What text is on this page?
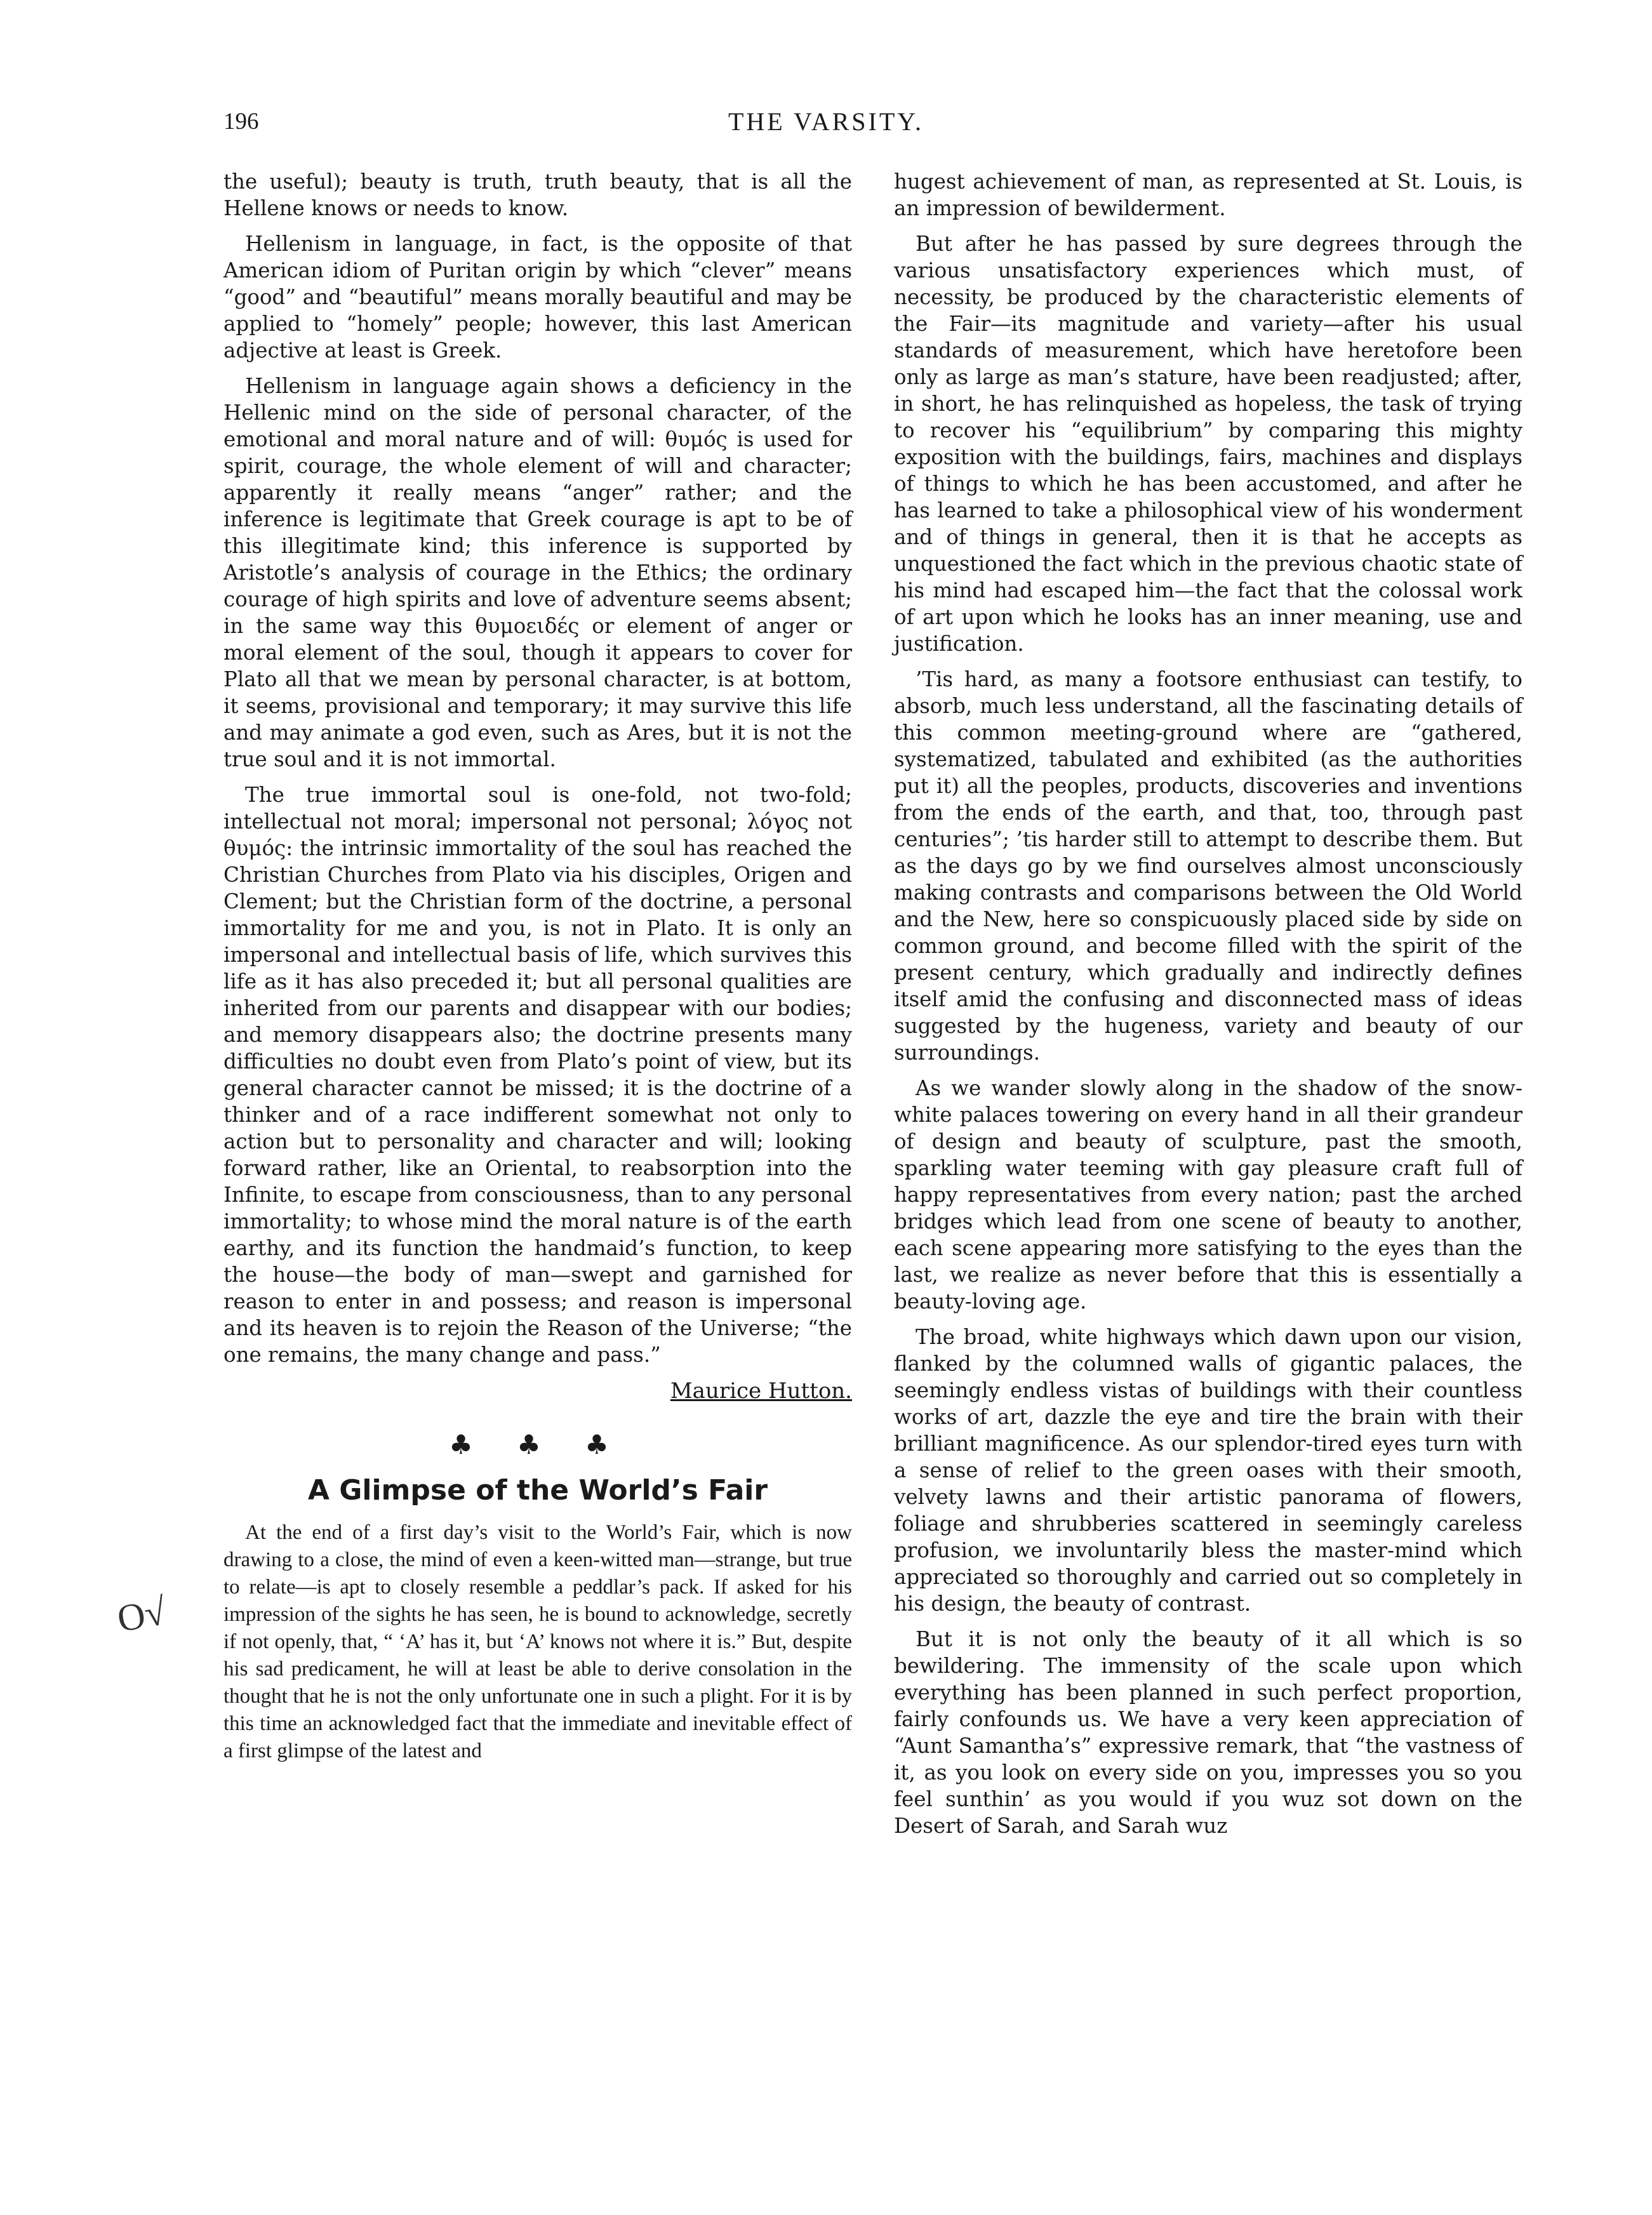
196	THE VARSITY.
O√

the useful); beauty is truth, truth beauty, that is all the Hellene knows or needs to know.

Hellenism in language, in fact, is the opposite of that American idiom of Puritan origin by which “clever” means “good” and “beautiful” means morally beautiful and may be applied to “homely” people; however, this last American adjective at least is Greek.

Hellenism in language again shows a deficiency in the Hellenic mind on the side of personal character, of the emotional and moral nature and of will: θυμός is used for spirit, courage, the whole element of will and character; apparently it really means “anger” rather; and the inference is legitimate that Greek courage is apt to be of this illegitimate kind; this inference is supported by Aristotle’s analysis of courage in the Ethics; the ordinary courage of high spirits and love of adventure seems absent; in the same way this θυμοειδές or element of anger or moral element of the soul, though it appears to cover for Plato all that we mean by personal character, is at bottom, it seems, provisional and temporary; it may survive this life and may animate a god even, such as Ares, but it is not the true soul and it is not immortal.

The true immortal soul is one-fold, not two-fold; intellectual not moral; impersonal not personal; λόγος not θυμός: the intrinsic immortality of the soul has reached the Christian Churches from Plato via his disciples, Origen and Clement; but the Christian form of the doctrine, a personal immortality for me and you, is not in Plato. It is only an impersonal and intellectual basis of life, which survives this life as it has also preceded it; but all personal qualities are inherited from our parents and disappear with our bodies; and memory disappears also; the doctrine presents many difficulties no doubt even from Plato’s point of view, but its general character cannot be missed; it is the doctrine of a thinker and of a race indifferent somewhat not only to action but to personality and character and will; looking forward rather, like an Oriental, to reabsorption into the Infinite, to escape from consciousness, than to any personal immortality; to whose mind the moral nature is of the earth earthy, and its function the handmaid’s function, to keep the house—the body of man—swept and garnished for reason to enter in and possess; and reason is impersonal and its heaven is to rejoin the Reason of the Universe; “the one remains, the many change and pass.”

Maurice Hutton.
♣ ♣ ♣
A Glimpse of the World’s Fair

At the end of a first day’s visit to the World’s Fair, which is now drawing to a close, the mind of even a keen-witted man—strange, but true to relate—is apt to closely resemble a peddlar’s pack. If asked for his impression of the sights he has seen, he is bound to acknowledge, secretly if not openly, that, “ ‘A’ has it, but ‘A’ knows not where it is.” But, despite his sad predicament, he will at least be able to derive consolation in the thought that he is not the only unfortunate one in such a plight. For it is by this time an acknowledged fact that the immediate and inevitable effect of a first glimpse of the latest and

hugest achievement of man, as represented at St. Louis, is an impression of bewilderment.

But after he has passed by sure degrees through the various unsatisfactory experiences which must, of necessity, be produced by the characteristic elements of the Fair—its magnitude and variety—after his usual standards of measurement, which have heretofore been only as large as man’s stature, have been readjusted; after, in short, he has relinquished as hopeless, the task of trying to recover his “equilibrium” by comparing this mighty exposition with the buildings, fairs, machines and displays of things to which he has been accustomed, and after he has learned to take a philosophical view of his wonderment and of things in general, then it is that he accepts as unquestioned the fact which in the previous chaotic state of his mind had escaped him—the fact that the colossal work of art upon which he looks has an inner meaning, use and justification.

’Tis hard, as many a footsore enthusiast can testify, to absorb, much less understand, all the fascinating details of this common meeting-ground where are “gathered, systematized, tabulated and exhibited (as the authorities put it) all the peoples, products, discoveries and inventions from the ends of the earth, and that, too, through past centuries”; ’tis harder still to attempt to describe them. But as the days go by we find ourselves almost unconsciously making contrasts and comparisons between the Old World and the New, here so conspicuously placed side by side on common ground, and become filled with the spirit of the present century, which gradually and indirectly defines itself amid the confusing and disconnected mass of ideas suggested by the hugeness, variety and beauty of our surroundings.

As we wander slowly along in the shadow of the snow-white palaces towering on every hand in all their grandeur of design and beauty of sculpture, past the smooth, sparkling water teeming with gay pleasure craft full of happy representatives from every nation; past the arched bridges which lead from one scene of beauty to another, each scene appearing more satisfying to the eyes than the last, we realize as never before that this is essentially a beauty-loving age.

The broad, white highways which dawn upon our vision, flanked by the columned walls of gigantic palaces, the seemingly endless vistas of buildings with their countless works of art, dazzle the eye and tire the brain with their brilliant magnificence. As our splendor-tired eyes turn with a sense of relief to the green oases with their smooth, velvety lawns and their artistic panorama of flowers, foliage and shrubberies scattered in seemingly careless profusion, we involuntarily bless the master-mind which appreciated so thoroughly and carried out so completely in his design, the beauty of contrast.

But it is not only the beauty of it all which is so bewildering. The immensity of the scale upon which everything has been planned in such perfect proportion, fairly confounds us. We have a very keen appreciation of “Aunt Samantha’s” expressive remark, that “the vastness of it, as you look on every side on you, impresses you so you feel sunthin’ as you would if you wuz sot down on the Desert of Sarah, and Sarah wuz
